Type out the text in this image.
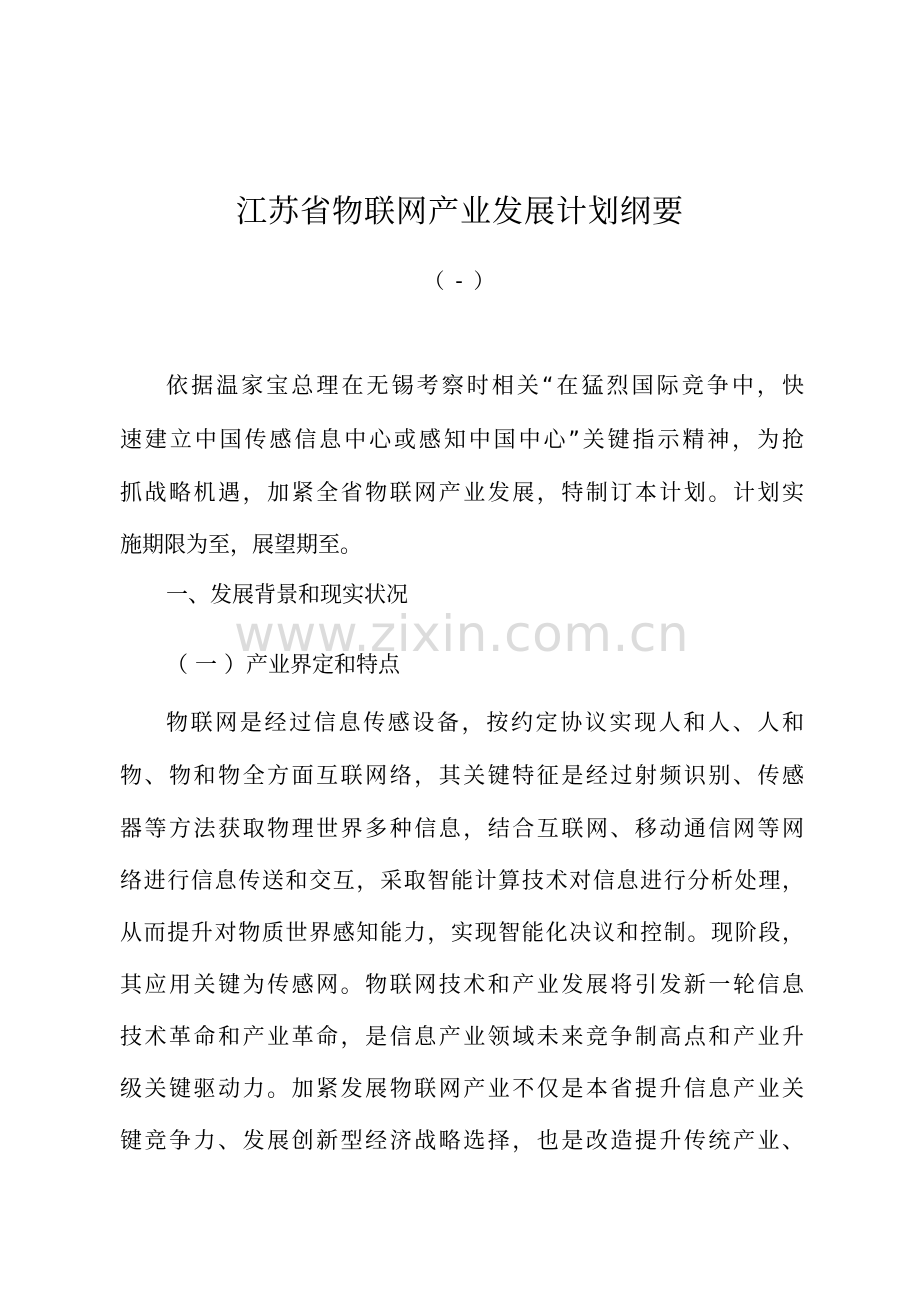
江苏省物联网产业发展计划纲要
（ - ）
依据温家宝总理在无锡考察时相关“在猛烈国际竞争中，快
速建立中国传感信息中心或感知中国中心”关键指示精神，为抢
抓战略机遇，加紧全省物联网产业发展，特制订本计划。计划实
施期限为至，展望期至。
一、发展背景和现实状况
www.zixin.com.cn
（ 一 ）产业界定和特点
物联网是经过信息传感设备，按约定协议实现人和人、人和
物、物和物全方面互联网络，其关键特征是经过射频识别、传感
器等方法获取物理世界多种信息，结合互联网、移动通信网等网
络进行信息传送和交互，采取智能计算技术对信息进行分析处理，
从而提升对物质世界感知能力，实现智能化决议和控制。现阶段，
其应用关键为传感网。物联网技术和产业发展将引发新一轮信息
技术革命和产业革命，是信息产业领域未来竞争制高点和产业升
级关键驱动力。加紧发展物联网产业不仅是本省提升信息产业关
键竞争力、发展创新型经济战略选择，也是改造提升传统产业、
